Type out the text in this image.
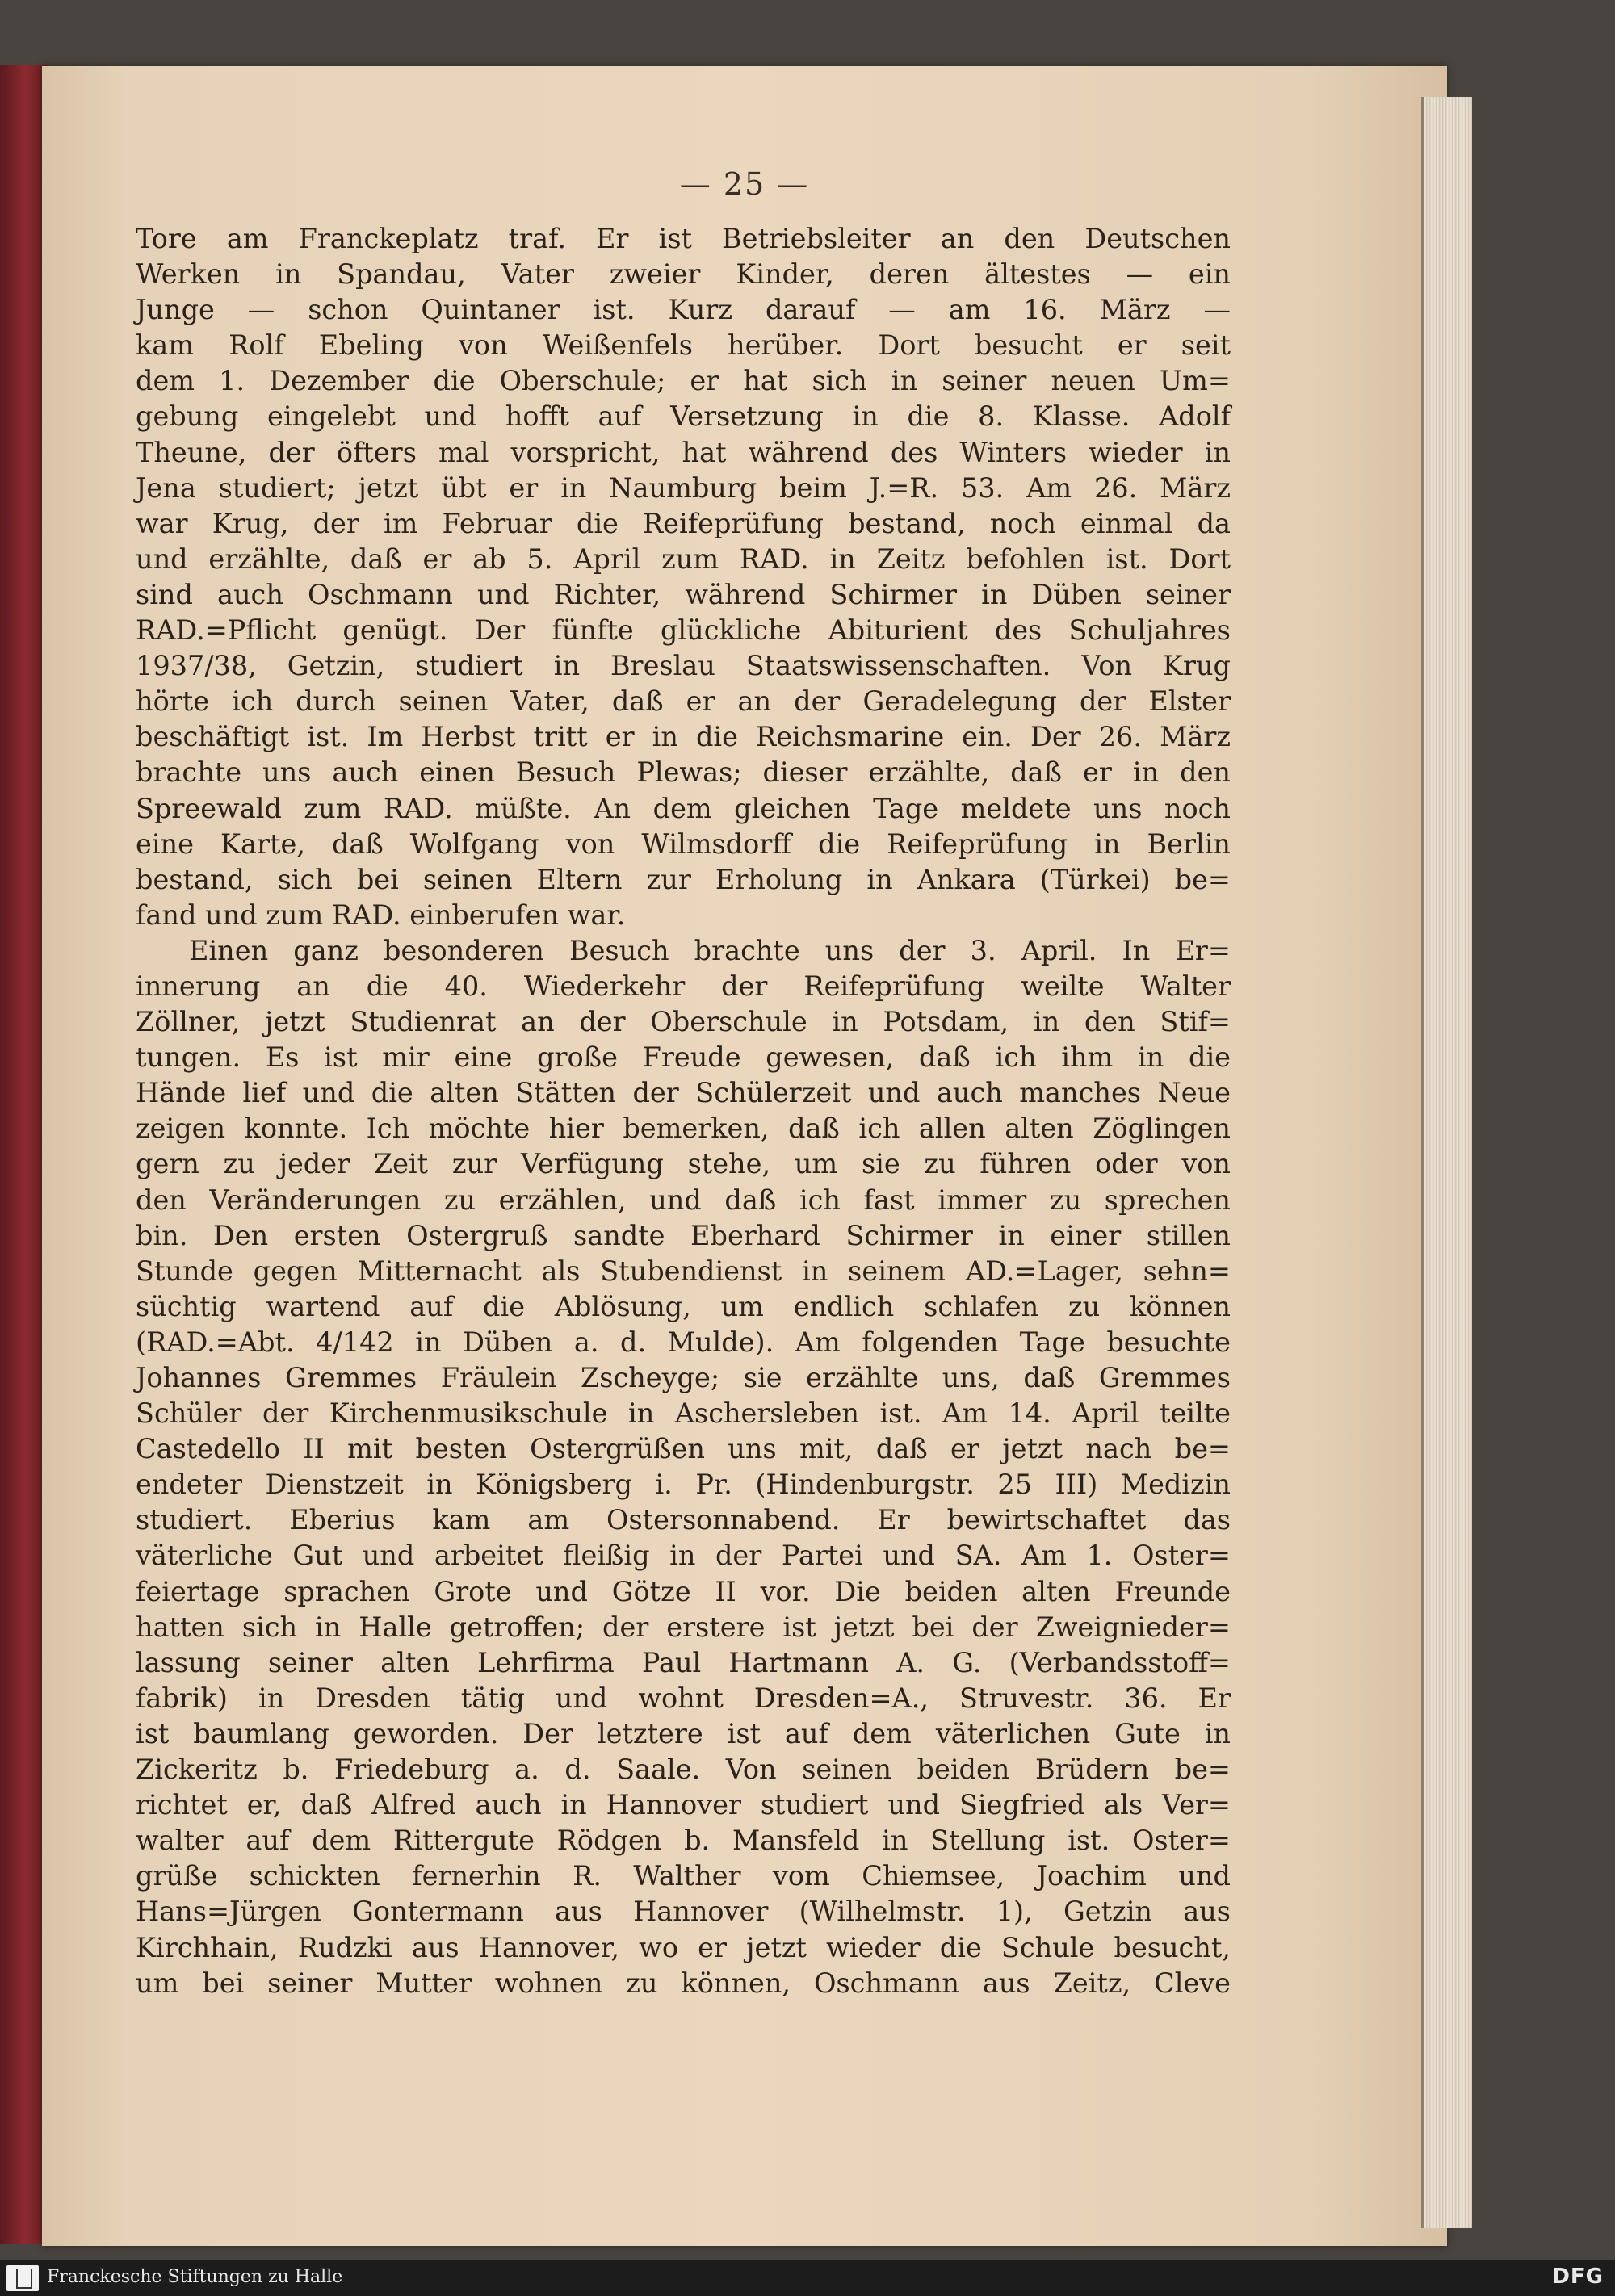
— 25 —
Tore am Franckeplatz traf. Er ist Betriebsleiter an den Deutschen
Werken in Spandau, Vater zweier Kinder, deren ältestes — ein
Junge — schon Quintaner ist. Kurz darauf — am 16. März —
kam Rolf Ebeling von Weißenfels herüber. Dort besucht er seit
dem 1. Dezember die Oberschule; er hat sich in seiner neuen Um=
gebung eingelebt und hofft auf Versetzung in die 8. Klasse. Adolf
Theune, der öfters mal vorspricht, hat während des Winters wieder in
Jena studiert; jetzt übt er in Naumburg beim J.=R. 53. Am 26. März
war Krug, der im Februar die Reifeprüfung bestand, noch einmal da
und erzählte, daß er ab 5. April zum RAD. in Zeitz befohlen ist. Dort
sind auch Oschmann und Richter, während Schirmer in Düben seiner
RAD.=Pflicht genügt. Der fünfte glückliche Abiturient des Schuljahres
1937/38, Getzin, studiert in Breslau Staatswissenschaften. Von Krug
hörte ich durch seinen Vater, daß er an der Geradelegung der Elster
beschäftigt ist. Im Herbst tritt er in die Reichsmarine ein. Der 26. März
brachte uns auch einen Besuch Plewas; dieser erzählte, daß er in den
Spreewald zum RAD. müßte. An dem gleichen Tage meldete uns noch
eine Karte, daß Wolfgang von Wilmsdorff die Reifeprüfung in Berlin
bestand, sich bei seinen Eltern zur Erholung in Ankara (Türkei) be=
fand und zum RAD. einberufen war.
Einen ganz besonderen Besuch brachte uns der 3. April. In Er=
innerung an die 40. Wiederkehr der Reifeprüfung weilte Walter
Zöllner, jetzt Studienrat an der Oberschule in Potsdam, in den Stif=
tungen. Es ist mir eine große Freude gewesen, daß ich ihm in die
Hände lief und die alten Stätten der Schülerzeit und auch manches Neue
zeigen konnte. Ich möchte hier bemerken, daß ich allen alten Zöglingen
gern zu jeder Zeit zur Verfügung stehe, um sie zu führen oder von
den Veränderungen zu erzählen, und daß ich fast immer zu sprechen
bin. Den ersten Ostergruß sandte Eberhard Schirmer in einer stillen
Stunde gegen Mitternacht als Stubendienst in seinem AD.=Lager, sehn=
süchtig wartend auf die Ablösung, um endlich schlafen zu können
(RAD.=Abt. 4/142 in Düben a. d. Mulde). Am folgenden Tage besuchte
Johannes Gremmes Fräulein Zscheyge; sie erzählte uns, daß Gremmes
Schüler der Kirchenmusikschule in Aschersleben ist. Am 14. April teilte
Castedello II mit besten Ostergrüßen uns mit, daß er jetzt nach be=
endeter Dienstzeit in Königsberg i. Pr. (Hindenburgstr. 25 III) Medizin
studiert. Eberius kam am Ostersonnabend. Er bewirtschaftet das
väterliche Gut und arbeitet fleißig in der Partei und SA. Am 1. Oster=
feiertage sprachen Grote und Götze II vor. Die beiden alten Freunde
hatten sich in Halle getroffen; der erstere ist jetzt bei der Zweignieder=
lassung seiner alten Lehrfirma Paul Hartmann A. G. (Verbandsstoff=
fabrik) in Dresden tätig und wohnt Dresden=A., Struvestr. 36. Er
ist baumlang geworden. Der letztere ist auf dem väterlichen Gute in
Zickeritz b. Friedeburg a. d. Saale. Von seinen beiden Brüdern be=
richtet er, daß Alfred auch in Hannover studiert und Siegfried als Ver=
walter auf dem Rittergute Rödgen b. Mansfeld in Stellung ist. Oster=
grüße schickten fernerhin R. Walther vom Chiemsee, Joachim und
Hans=Jürgen Gontermann aus Hannover (Wilhelmstr. 1), Getzin aus
Kirchhain, Rudzki aus Hannover, wo er jetzt wieder die Schule besucht,
um bei seiner Mutter wohnen zu können, Oschmann aus Zeitz, Cleve
Franckesche Stiftungen zu Halle	DFG
